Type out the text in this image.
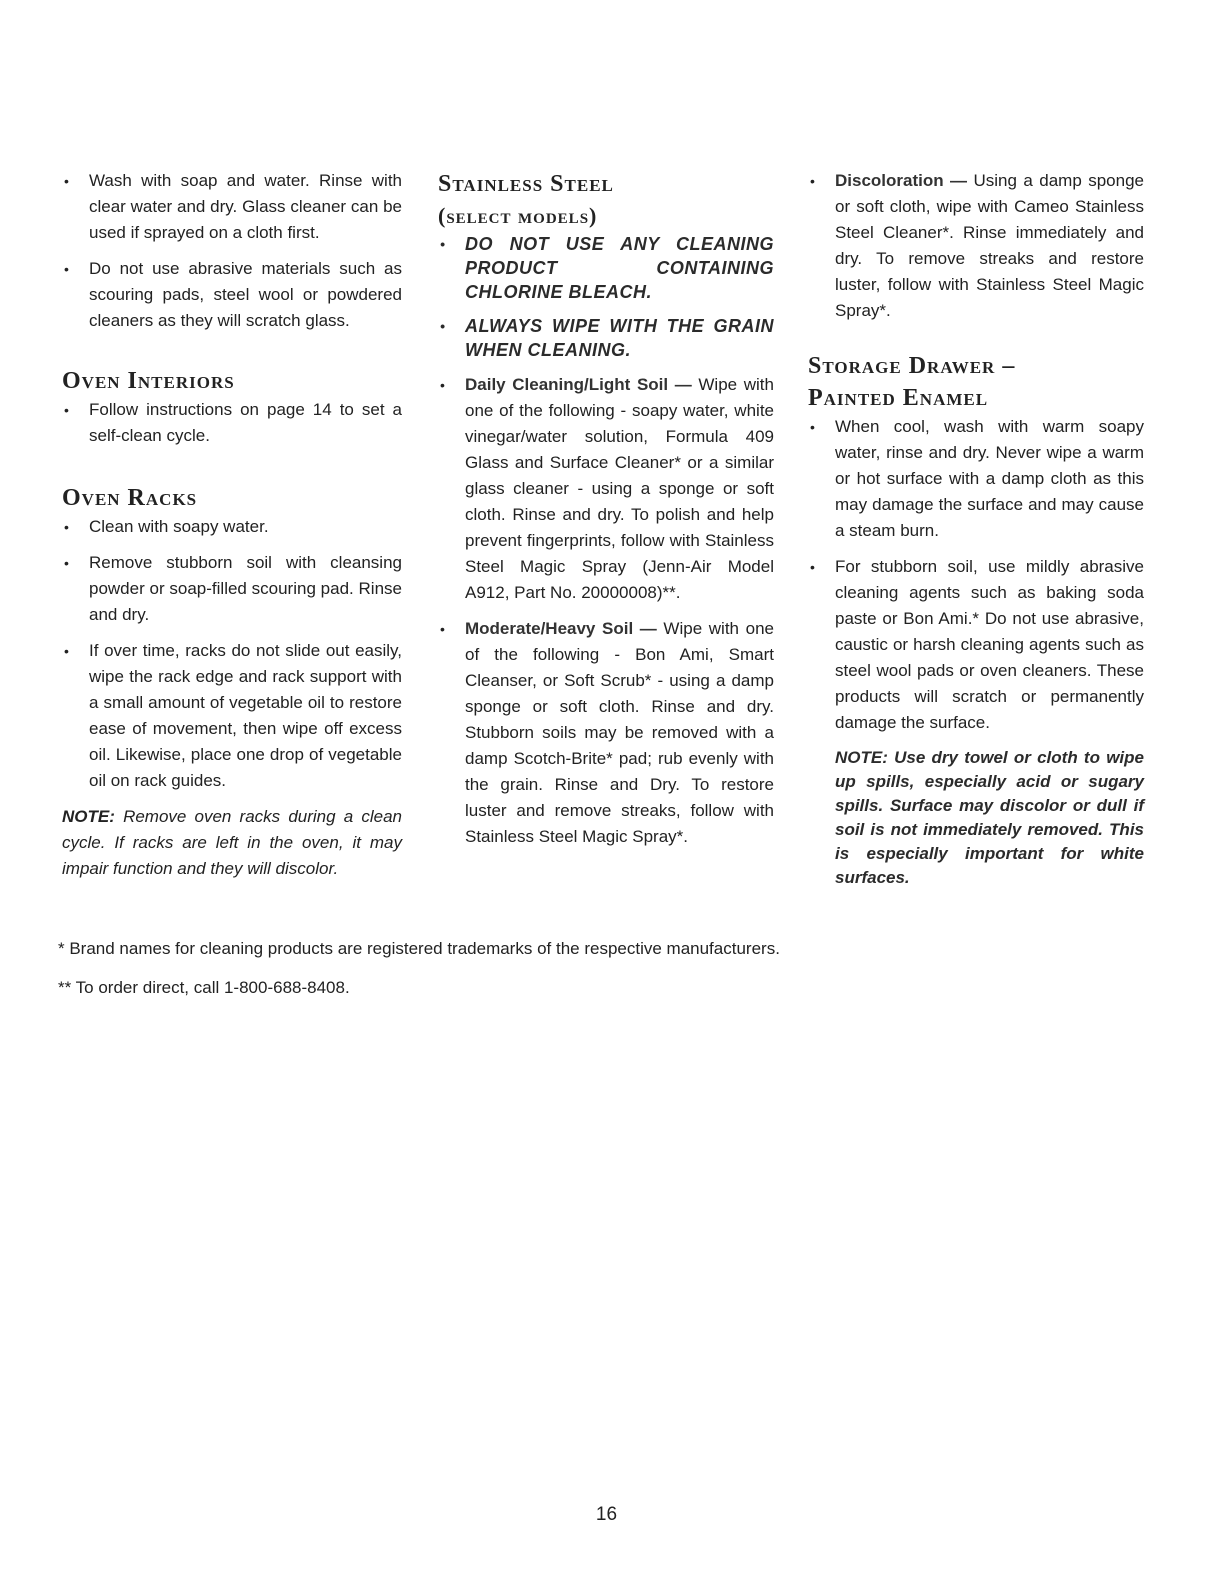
• Wash with soap and water. Rinse with clear water and dry. Glass cleaner can be used if sprayed on a cloth first.

• Do not use abrasive materials such as scouring pads, steel wool or powdered cleaners as they will scratch glass.

Oven Interiors

• Follow instructions on page 14 to set a self-clean cycle.

Oven Racks

• Clean with soapy water.

• Remove stubborn soil with cleansing powder or soap-filled scouring pad. Rinse and dry.

• If over time, racks do not slide out easily, wipe the rack edge and rack support with a small amount of vegetable oil to restore ease of movement, then wipe off excess oil. Likewise, place one drop of vegetable oil on rack guides.

NOTE: Remove oven racks during a clean cycle. If racks are left in the oven, it may impair function and they will discolor.

Stainless Steel
(select models)

• DO NOT USE ANY CLEANING PRODUCT CONTAINING CHLORINE BLEACH.

• ALWAYS WIPE WITH THE GRAIN WHEN CLEANING.

• Daily Cleaning/Light Soil — Wipe with one of the following - soapy water, white vinegar/water solution, Formula 409 Glass and Surface Cleaner* or a similar glass cleaner - using a sponge or soft cloth. Rinse and dry. To polish and help prevent fingerprints, follow with Stainless Steel Magic Spray (Jenn-Air Model A912, Part No. 20000008)**.

• Moderate/Heavy Soil — Wipe with one of the following - Bon Ami, Smart Cleanser, or Soft Scrub* - using a damp sponge or soft cloth. Rinse and dry. Stubborn soils may be removed with a damp Scotch-Brite* pad; rub evenly with the grain. Rinse and Dry. To restore luster and remove streaks, follow with Stainless Steel Magic Spray*.

• Discoloration — Using a damp sponge or soft cloth, wipe with Cameo Stainless Steel Cleaner*. Rinse immediately and dry. To remove streaks and restore luster, follow with Stainless Steel Magic Spray*.

Storage Drawer –
Painted Enamel

• When cool, wash with warm soapy water, rinse and dry. Never wipe a warm or hot surface with a damp cloth as this may damage the surface and may cause a steam burn.

• For stubborn soil, use mildly abrasive cleaning agents such as baking soda paste or Bon Ami.* Do not use abrasive, caustic or harsh cleaning agents such as steel wool pads or oven cleaners. These products will scratch or permanently damage the surface.

NOTE: Use dry towel or cloth to wipe up spills, especially acid or sugary spills. Surface may discolor or dull if soil is not immediately removed. This is especially important for white surfaces.

* Brand names for cleaning products are registered trademarks of the respective manufacturers.

** To order direct, call 1-800-688-8408.

16
